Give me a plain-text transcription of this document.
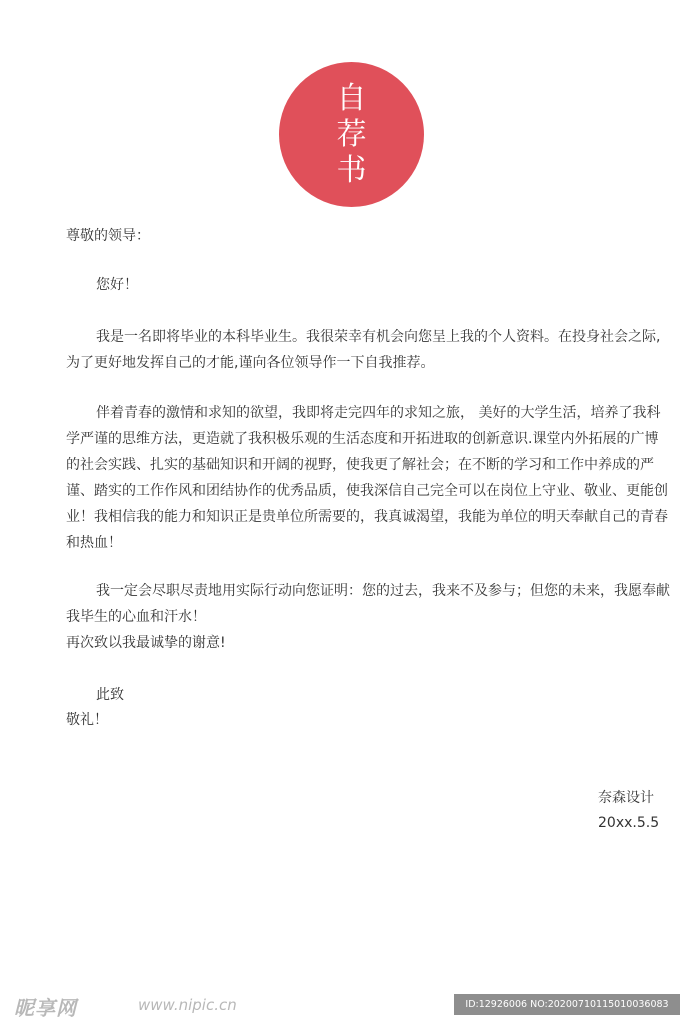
自
荐
书

尊敬的领导：

您好！

我是一名即将毕业的本科毕业生。我很荣幸有机会向您呈上我的个人资料。在投身社会之际,为了更好地发挥自己的才能,谨向各位领导作一下自我推荐。

伴着青春的激情和求知的欲望，我即将走完四年的求知之旅， 美好的大学生活，培养了我科学严谨的思维方法，更造就了我积极乐观的生活态度和开拓进取的创新意识.课堂内外拓展的广博的社会实践、扎实的基础知识和开阔的视野，使我更了解社会；在不断的学习和工作中养成的严谨、踏实的工作作风和团结协作的优秀品质，使我深信自己完全可以在岗位上守业、敬业、更能创业！我相信我的能力和知识正是贵单位所需要的，我真诚渴望，我能为单位的明天奉献自己的青春和热血！

我一定会尽职尽责地用实际行动向您证明：您的过去，我来不及参与；但您的未来，我愿奉献我毕生的心血和汗水！

再次致以我最诚挚的谢意!

此致

敬礼！

奈森设计
20xx.5.5
昵享网	www.nipic.cn	ID:12926006 NO:20200710115010036083
